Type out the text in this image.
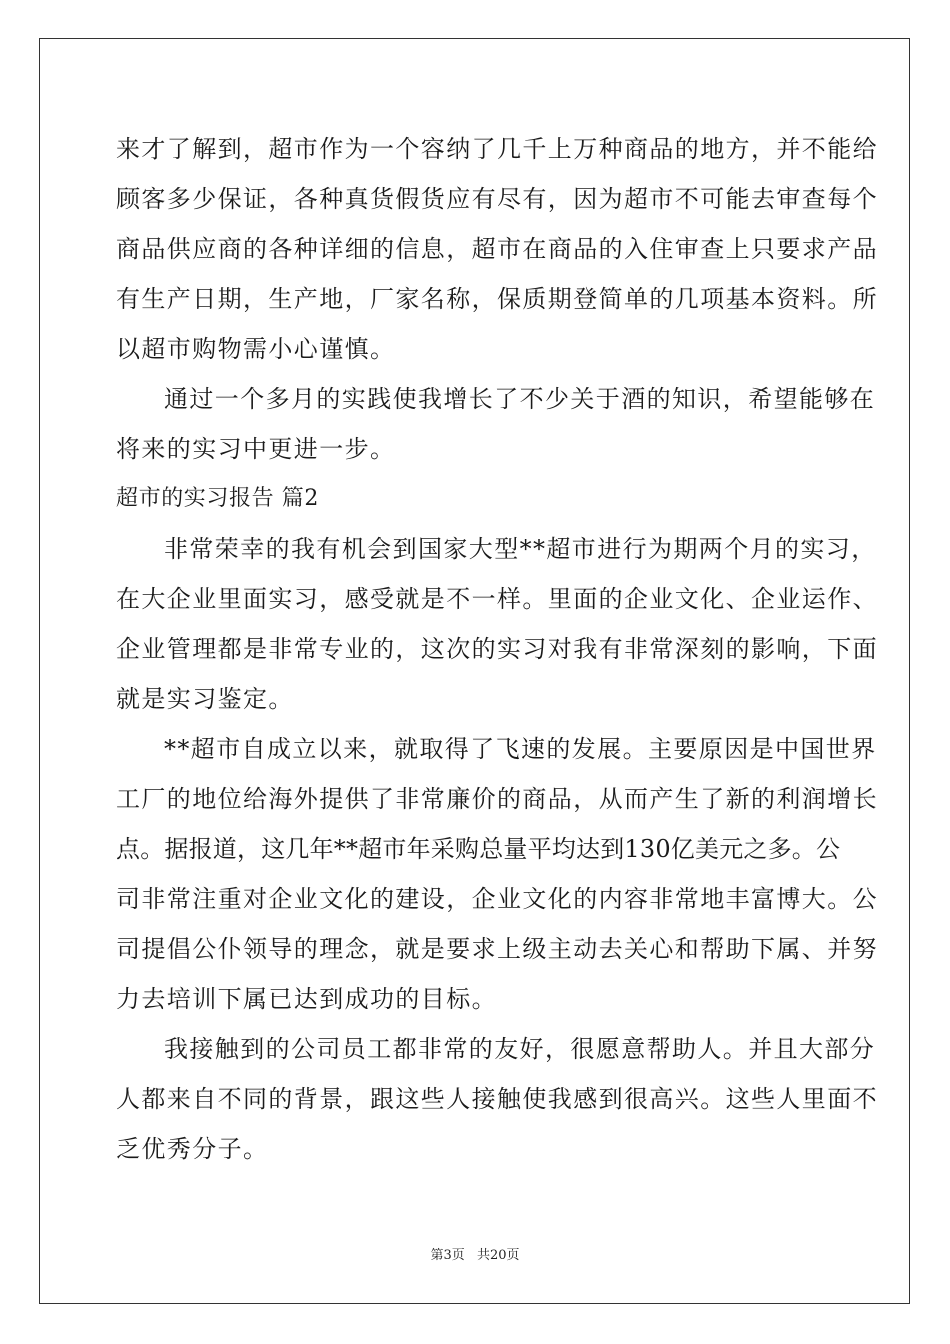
来才了解到，超市作为一个容纳了几千上万种商品的地方，并不能给
顾客多少保证，各种真货假货应有尽有，因为超市不可能去审查每个
商品供应商的各种详细的信息，超市在商品的入住审查上只要求产品
有生产日期，生产地，厂家名称，保质期登简单的几项基本资料。所
以超市购物需小心谨慎。
通过一个多月的实践使我增长了不少关于酒的知识，希望能够在
将来的实习中更进一步。
超市的实习报告 篇2
非常荣幸的我有机会到国家大型**超市进行为期两个月的实习，
在大企业里面实习，感受就是不一样。里面的企业文化、企业运作、
企业管理都是非常专业的，这次的实习对我有非常深刻的影响，下面
就是实习鉴定。
**超市自成立以来，就取得了飞速的发展。主要原因是中国世界
工厂的地位给海外提供了非常廉价的商品，从而产生了新的利润增长
点。据报道，这几年**超市年采购总量平均达到130亿美元之多。公
司非常注重对企业文化的建设，企业文化的内容非常地丰富博大。公
司提倡公仆领导的理念，就是要求上级主动去关心和帮助下属、并努
力去培训下属已达到成功的目标。
我接触到的公司员工都非常的友好，很愿意帮助人。并且大部分
人都来自不同的背景，跟这些人接触使我感到很高兴。这些人里面不
乏优秀分子。
第3页 共20页
